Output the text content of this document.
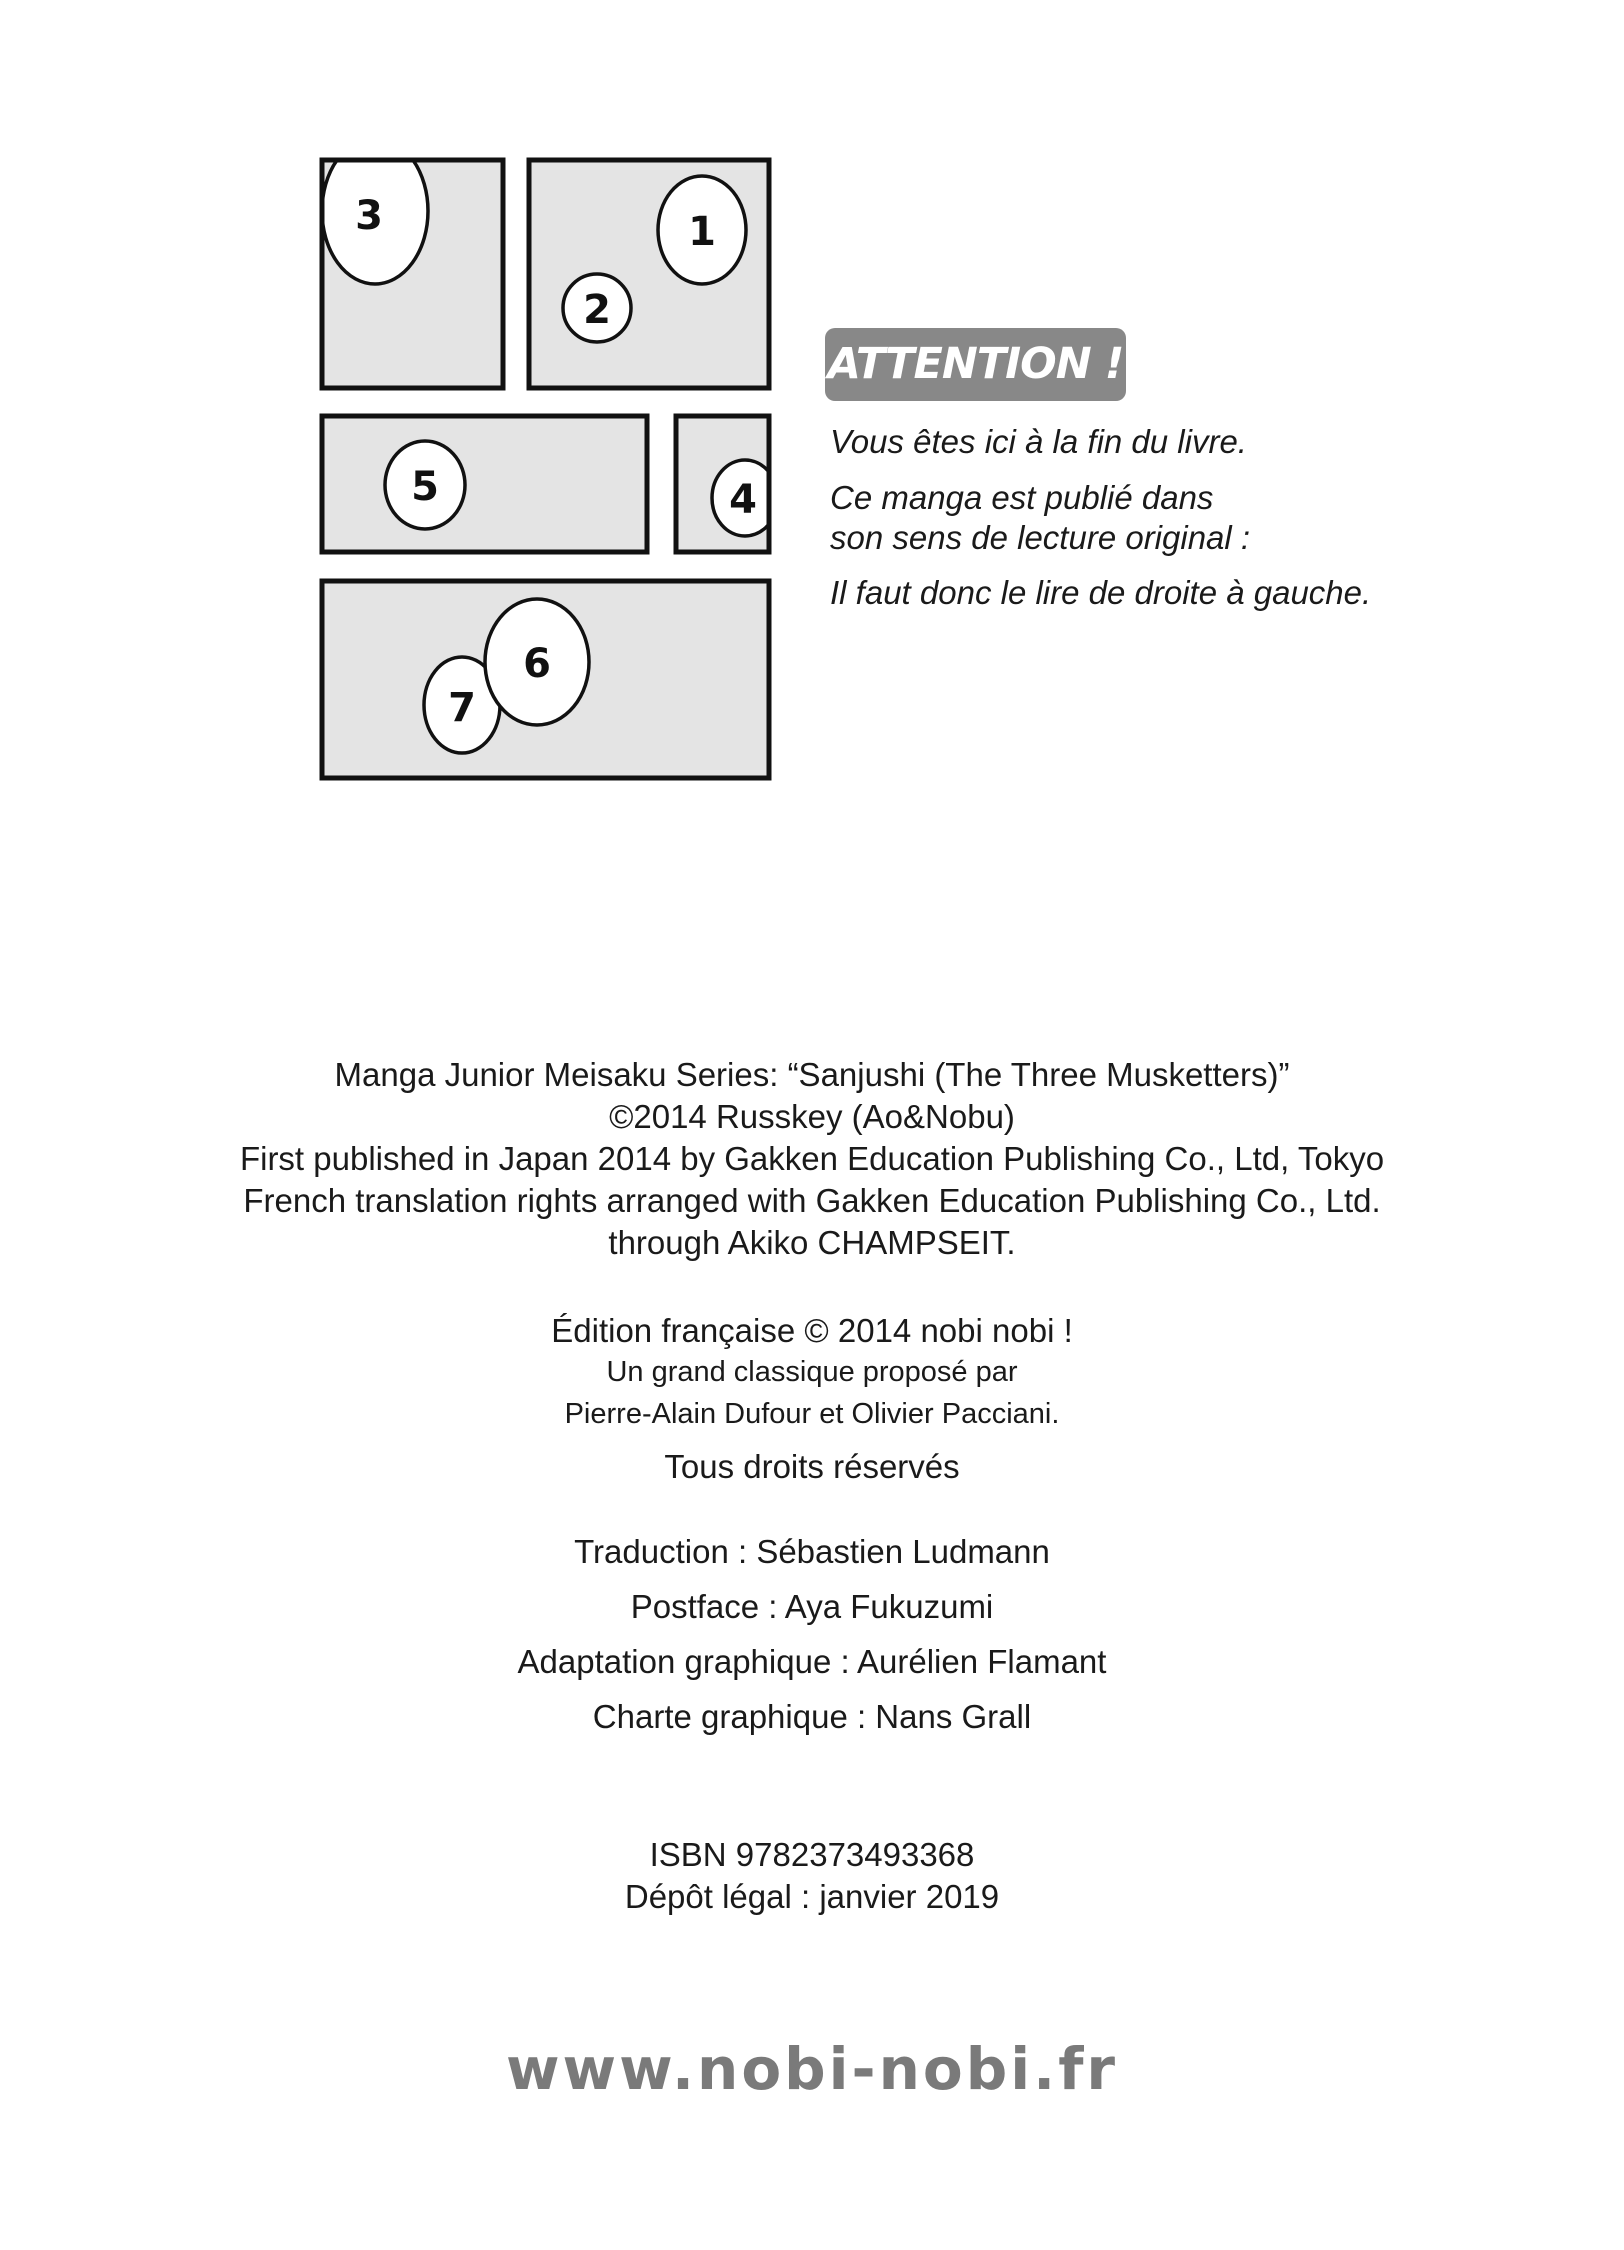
1
2
3
4
5
7
6
ATTENTION !
Vous êtes ici à la fin du livre.
Ce manga est publié dans
son sens de lecture original :
Il faut donc le lire de droite à gauche.
Manga Junior Meisaku Series: “Sanjushi (The Three Musketters)”
©2014 Russkey (Ao&Nobu)
First published in Japan 2014 by Gakken Education Publishing Co., Ltd, Tokyo
French translation rights arranged with Gakken Education Publishing Co., Ltd.
through Akiko CHAMPSEIT.
Édition française © 2014 nobi nobi !
Un grand classique proposé par
Pierre-Alain Dufour et Olivier Pacciani.
Tous droits réservés
Traduction : Sébastien Ludmann
Postface : Aya Fukuzumi
Adaptation graphique : Aurélien Flamant
Charte graphique : Nans Grall
ISBN 9782373493368
Dépôt légal : janvier 2019
www.nobi-nobi.fr
